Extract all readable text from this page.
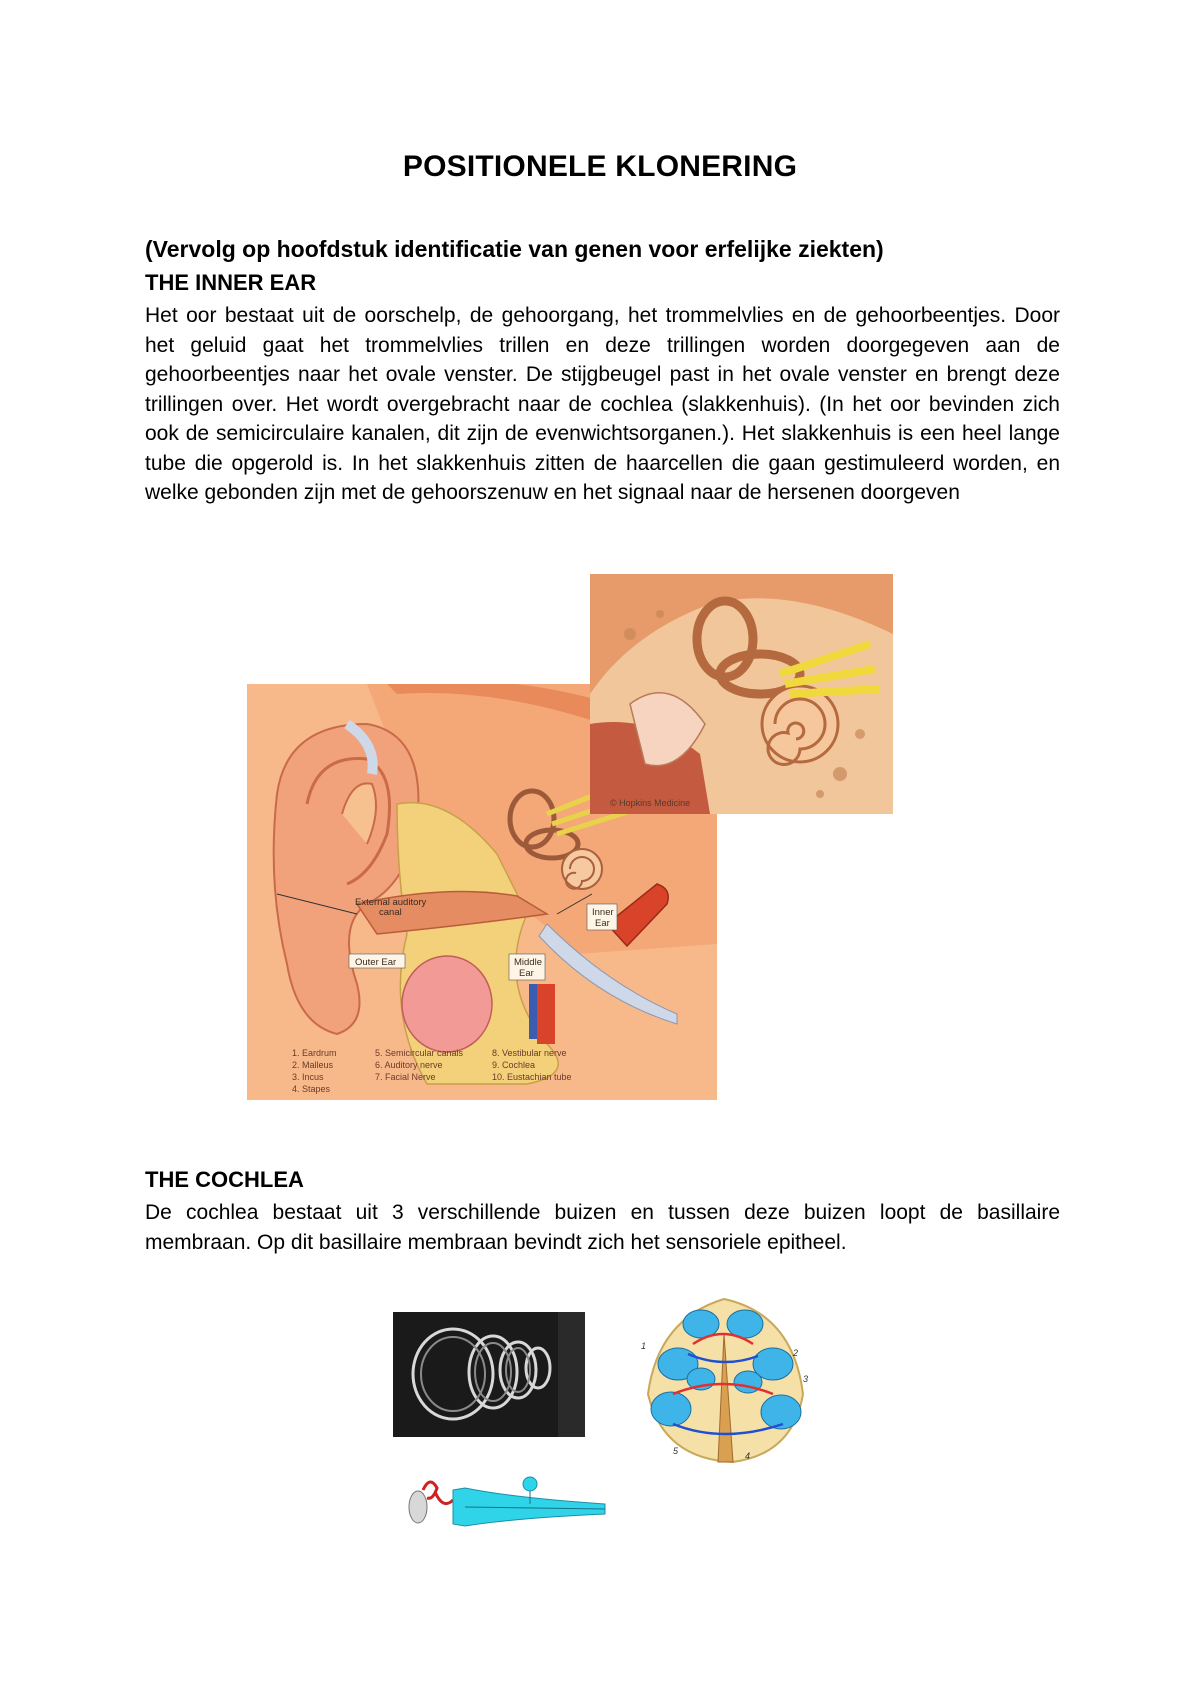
POSITIONELE KLONERING
(Vervolg op hoofdstuk identificatie van genen voor erfelijke ziekten)
THE INNER EAR
Het oor bestaat uit de oorschelp, de gehoorgang, het trommelvlies en de gehoorbeentjes. Door het geluid gaat het trommelvlies trillen en deze trillingen worden doorgegeven aan de gehoorbeentjes naar het ovale venster. De stijgbeugel past in het ovale venster en brengt deze trillingen over. Het wordt overgebracht naar de cochlea (slakkenhuis). (In het oor bevinden zich ook de semicirculaire kanalen, dit zijn de evenwichtsorganen.). Het slakkenhuis is een heel lange tube die opgerold is. In het slakkenhuis zitten de haarcellen die gaan gestimuleerd worden, en welke gebonden zijn met de gehoorszenuw en het signaal naar de hersenen doorgeven
External auditory
canal
Outer Ear	Middle
Ear
Inner
Ear
1. Eardrum
2. Malleus
3. Incus
4. Stapes
5. Semicircular canals
6. Auditory nerve
7. Facial Nerve
8. Vestibular nerve
9. Cochlea
10. Eustachian tube
© Hopkins Medicine
THE COCHLEA
De cochlea bestaat uit 3 verschillende buizen en tussen deze buizen loopt de basillaire membraan. Op dit basillaire membraan bevindt zich het sensoriele epitheel.
1
2
3
4
5
